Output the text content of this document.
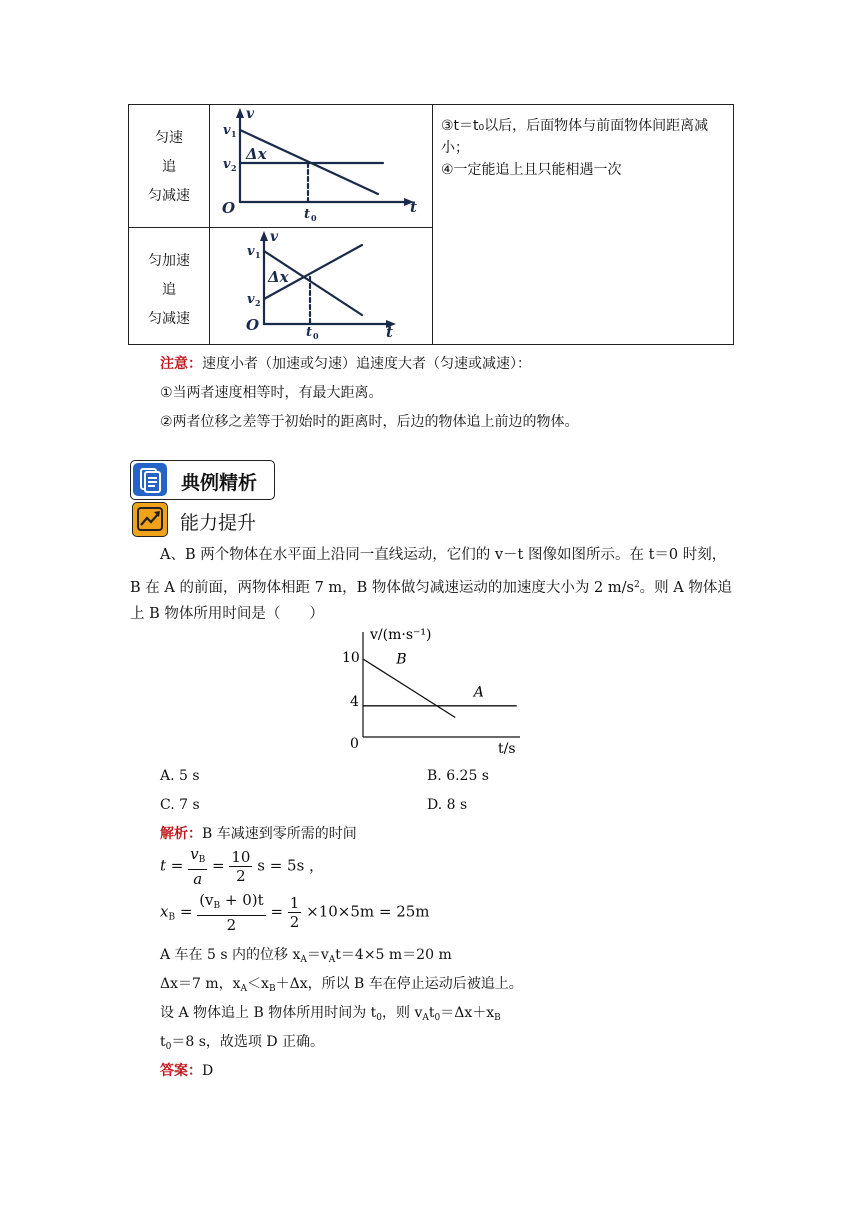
匀速
追
匀减速
匀加速
追
匀减速
③t＝t₀以后，后面物体与前面物体间距离减
小；
④一定能追上且只能相遇一次
v
t
O
v 1
v 2
Δx
t 0
v
t
O
v 1
v 2
Δx
t 0
注意：速度小者（加速或匀速）追速度大者（匀速或减速）：
①当两者速度相等时，有最大距离。
②两者位移之差等于初始时的距离时，后边的物体追上前边的物体。
典例精析
能力提升
A、B 两个物体在水平面上沿同一直线运动，它们的 v－t 图像如图所示。在 t＝0 时刻，
B 在 A 的前面，两物体相距 7 m，B 物体做匀减速运动的加速度大小为 2 $m/s^2$。则 A 物体追
上 B 物体所用时间是（　　）
v/(m·s⁻¹)
t/s
10
4
0
B
A
A. 5 s	B. 6.25 s
C. 7 s	D. 8 s
解析：B 车减速到零所需的时间
$t = \frac{v_B}{a} = \frac{10}{2}$ s = 5s ，
$x_B = \frac{(v_B + 0)t}{2} = \frac{1}{2} \times 10\times 5m = 25m$
A 车在 5 s 内的位移 $x_A=v_At=4\times 5$ m＝20 m
Δx＝7 m，$x_A<x_B+\Delta x$，所以 B 车在停止运动后被追上。
设 A 物体追上 B 物体所用时间为 $t_0$，则 $v_At_0=\Delta x+x_B$
$t_0=8$ s，故选项 D 正确。
答案：D
